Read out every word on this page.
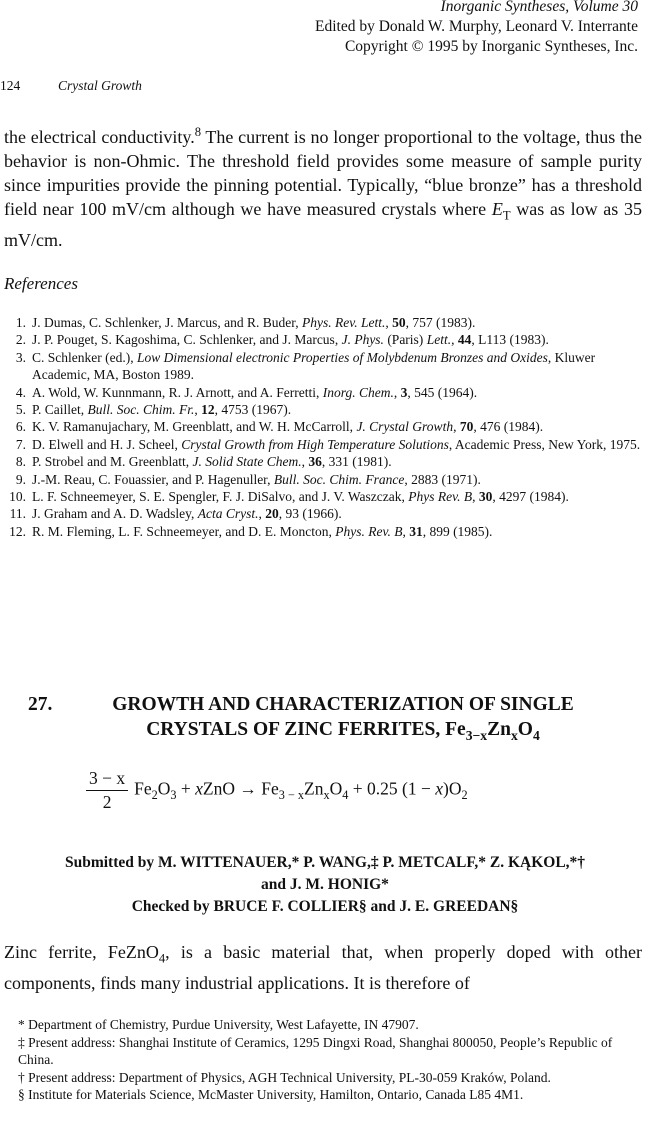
Inorganic Syntheses, Volume 30
Edited by Donald W. Murphy, Leonard V. Interrante
Copyright © 1995 by Inorganic Syntheses, Inc.
124	Crystal Growth

the electrical conductivity.$^8$ The current is no longer proportional to the voltage, thus the behavior is non-Ohmic. The threshold field provides some measure of sample purity since impurities provide the pinning potential. Typically, “blue bronze” has a threshold field near 100 mV/cm although we have measured crystals where $E_T$ was as low as 35 mV/cm.

References
1. J. Dumas, C. Schlenker, J. Marcus, and R. Buder, Phys. Rev. Lett., 50, 757 (1983).
2. J. P. Pouget, S. Kagoshima, C. Schlenker, and J. Marcus, J. Phys. (Paris) Lett., 44, L113 (1983).
3. C. Schlenker (ed.), Low Dimensional electronic Properties of Molybdenum Bronzes and Oxides, Kluwer Academic, MA, Boston 1989.
4. A. Wold, W. Kunnmann, R. J. Arnott, and A. Ferretti, Inorg. Chem., 3, 545 (1964).
5. P. Caillet, Bull. Soc. Chim. Fr., 12, 4753 (1967).
6. K. V. Ramanujachary, M. Greenblatt, and W. H. McCarroll, J. Crystal Growth, 70, 476 (1984).
7. D. Elwell and H. J. Scheel, Crystal Growth from High Temperature Solutions, Academic Press, New York, 1975.
8. P. Strobel and M. Greenblatt, J. Solid State Chem., 36, 331 (1981).
9. J.-M. Reau, C. Fouassier, and P. Hagenuller, Bull. Soc. Chim. France, 2883 (1971).
10. L. F. Schneemeyer, S. E. Spengler, F. J. DiSalvo, and J. V. Waszczak, Phys Rev. B, 30, 4297 (1984).
11. J. Graham and A. D. Wadsley, Acta Cryst., 20, 93 (1966).
12. R. M. Fleming, L. F. Schneemeyer, and D. E. Moncton, Phys. Rev. B, 31, 899 (1985).
27.	GROWTH AND CHARACTERIZATION OF SINGLE
CRYSTALS OF ZINC FERRITES, $Fe_{3-x}Zn_xO_4$
$\frac{3 - x}{2} Fe_2O_3$ + xZnO → $Fe_{3 - x}Zn_xO_4 + 0.25$ $(1 - x)O_2$
Submitted by M. WITTENAUER,* P. WANG,‡ P. METCALF,* Z. KĄKOL,*†
and J. M. HONIG*
Checked by BRUCE F. COLLIER§ and J. E. GREEDAN§

Zinc ferrite, FeZnO$_4$, is a basic material that, when properly doped with other components, finds many industrial applications. It is therefore of

* Department of Chemistry, Purdue University, West Lafayette, IN 47907.

‡ Present address: Shanghai Institute of Ceramics, 1295 Dingxi Road, Shanghai 800050, People’s Republic of China.

† Present address: Department of Physics, AGH Technical University, PL-30-059 Kraków, Poland.

§ Institute for Materials Science, McMaster University, Hamilton, Ontario, Canada L85 4M1.
